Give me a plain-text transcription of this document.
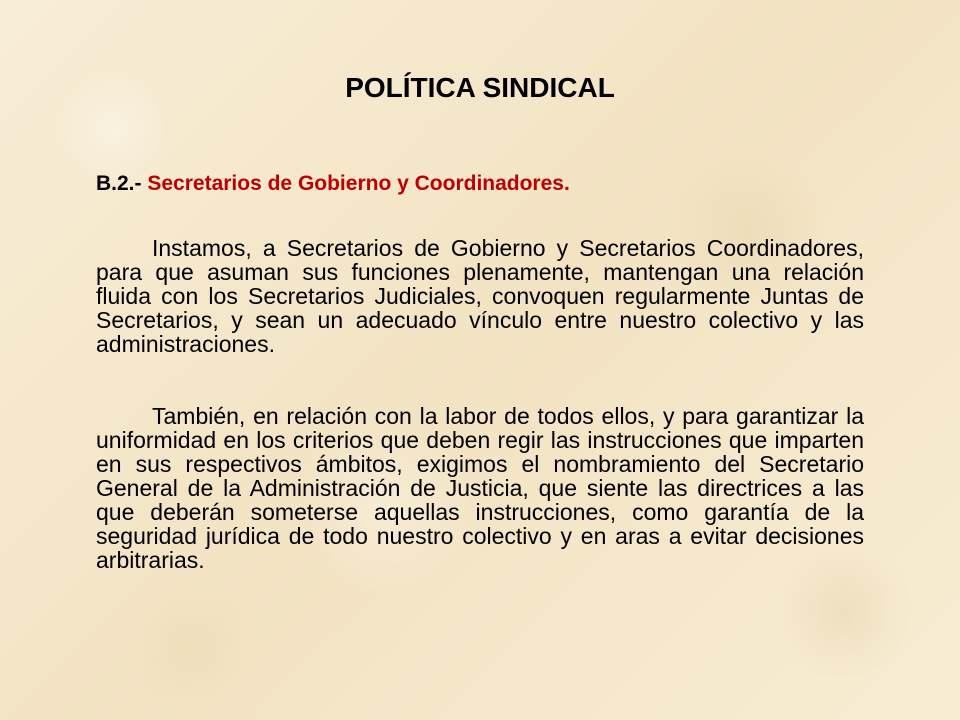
POLÍTICA SINDICAL

B.2.- Secretarios de Gobierno y Coordinadores.

Instamos, a Secretarios de Gobierno y Secretarios Coordinadores, para que asuman sus funciones plenamente, mantengan una relación fluida con los Secretarios Judiciales, convoquen regularmente Juntas de Secretarios, y sean un adecuado vínculo entre nuestro colectivo y las administraciones.

También, en relación con la labor de todos ellos, y para garantizar la uniformidad en los criterios que deben regir las instrucciones que imparten en sus respectivos ámbitos, exigimos el nombramiento del Secretario General de la Administración de Justicia, que siente las directrices a las que deberán someterse aquellas instrucciones, como garantía de la seguridad jurídica de todo nuestro colectivo y en aras a evitar decisiones arbitrarias.
